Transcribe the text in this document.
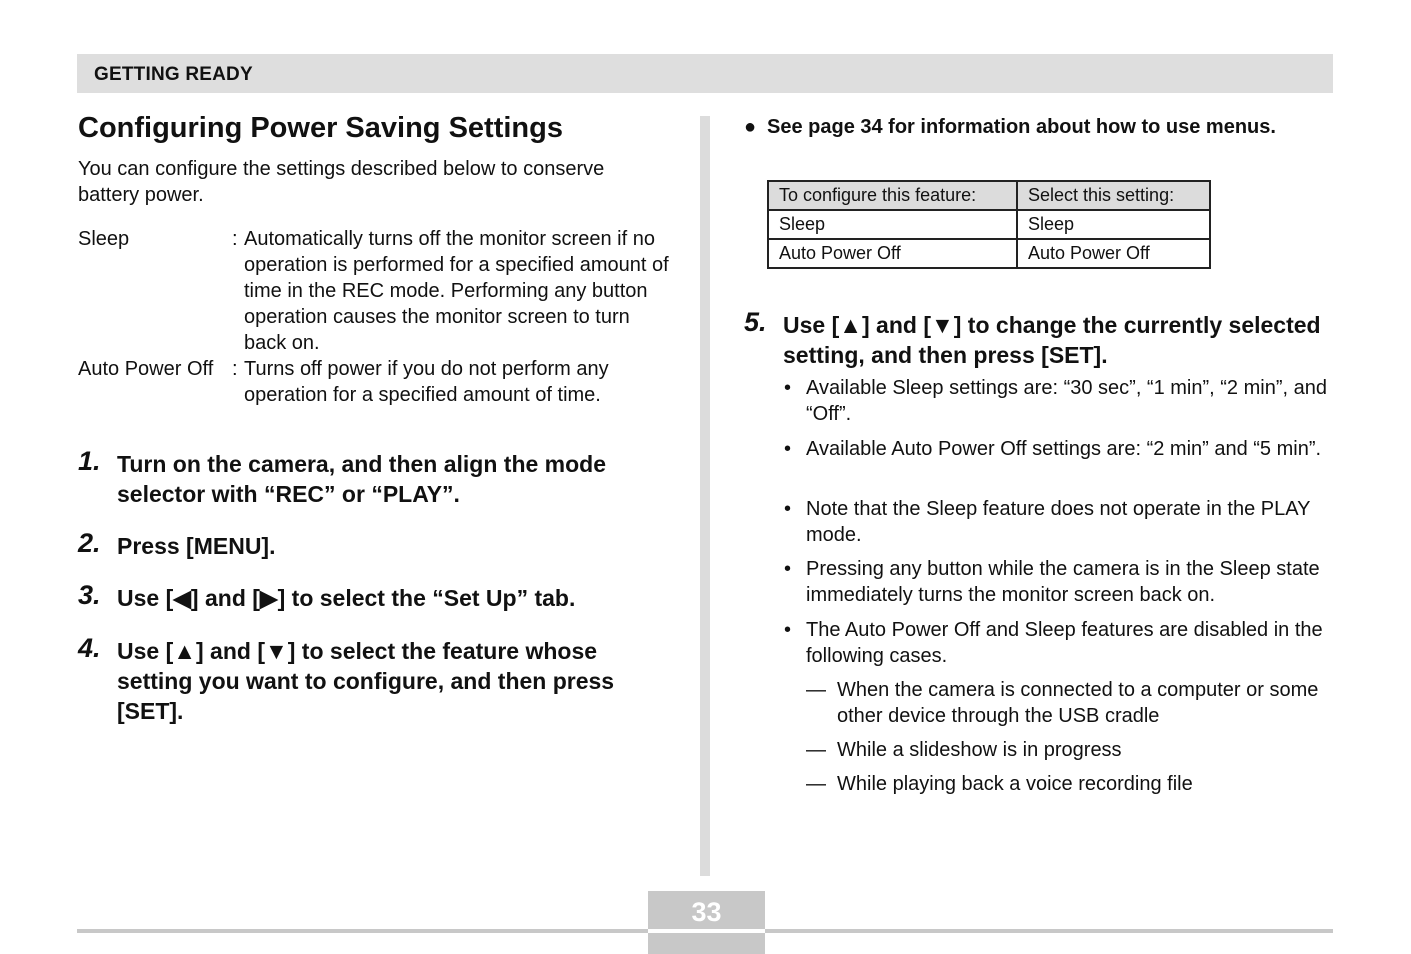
GETTING READY
Configuring Power Saving Settings
You can configure the settings described below to conserve battery power.
Sleep	: Automatically turns off the monitor screen if no operation is performed for a specified amount of time in the REC mode. Performing any button operation causes the monitor screen to turn back on.
Auto Power Off : Turns off power if you do not perform any operation for a specified amount of time.
1. Turn on the camera, and then align the mode selector with “REC” or “PLAY”.
2. Press [MENU].
3. Use [◀] and [▶] to select the “Set Up” tab.
4. Use [▲] and [▼] to select the feature whose setting you want to configure, and then press [SET].
● See page 34 for information about how to use menus.
To configure this feature:	Select this setting:
Sleep	Sleep
Auto Power Off	Auto Power Off
5. Use [▲] and [▼] to change the currently selected setting, and then press [SET].
• Available Sleep settings are: “30 sec”, “1 min”, “2 min”, and “Off”.
• Available Auto Power Off settings are: “2 min” and “5 min”.
• Note that the Sleep feature does not operate in the PLAY mode.
• Pressing any button while the camera is in the Sleep state immediately turns the monitor screen back on.
• The Auto Power Off and Sleep features are disabled in the following cases.
— When the camera is connected to a computer or some other device through the USB cradle
— While a slideshow is in progress
— While playing back a voice recording file
33
